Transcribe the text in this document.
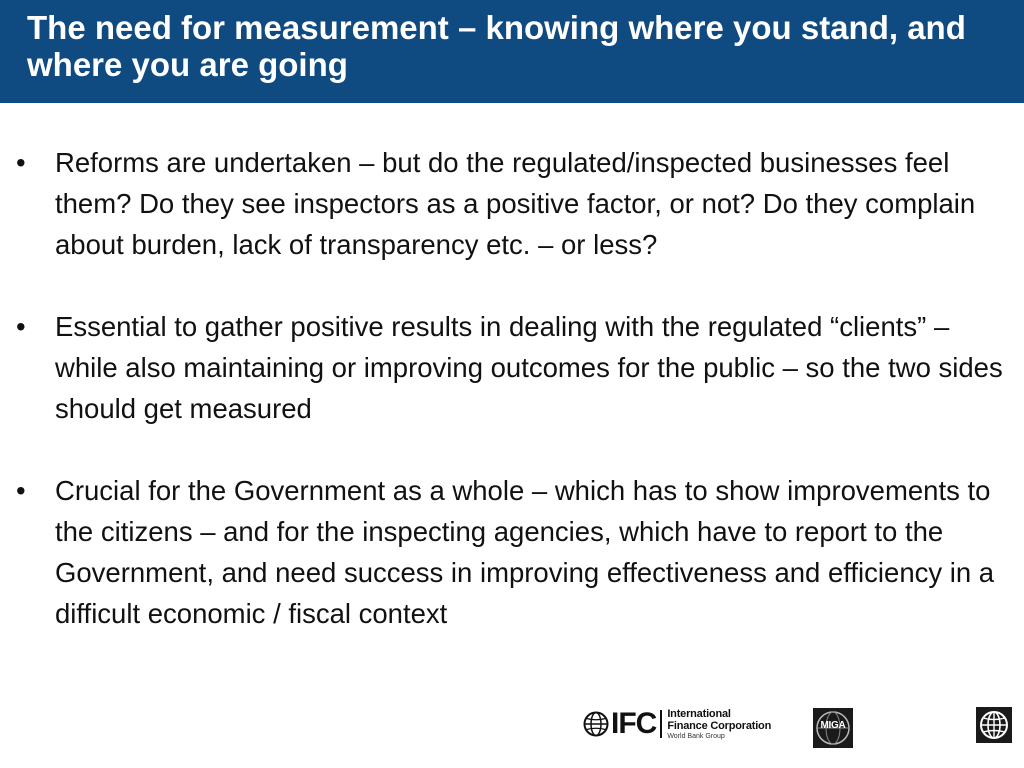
The need for measurement – knowing where you stand, and where you are going
• Reforms are undertaken – but do the regulated/inspected businesses feel them? Do they see inspectors as a positive factor, or not? Do they complain about burden, lack of transparency etc. – or less?
• Essential to gather positive results in dealing with the regulated “clients” – while also maintaining or improving outcomes for the public – so the two sides should get measured
• Crucial for the Government as a whole – which has to show improvements to the citizens – and for the inspecting agencies, which have to report to the Government, and need success in improving effectiveness and efficiency in a difficult economic / fiscal context
IFC International
Finance Corporation
World Bank Group
MIGA
